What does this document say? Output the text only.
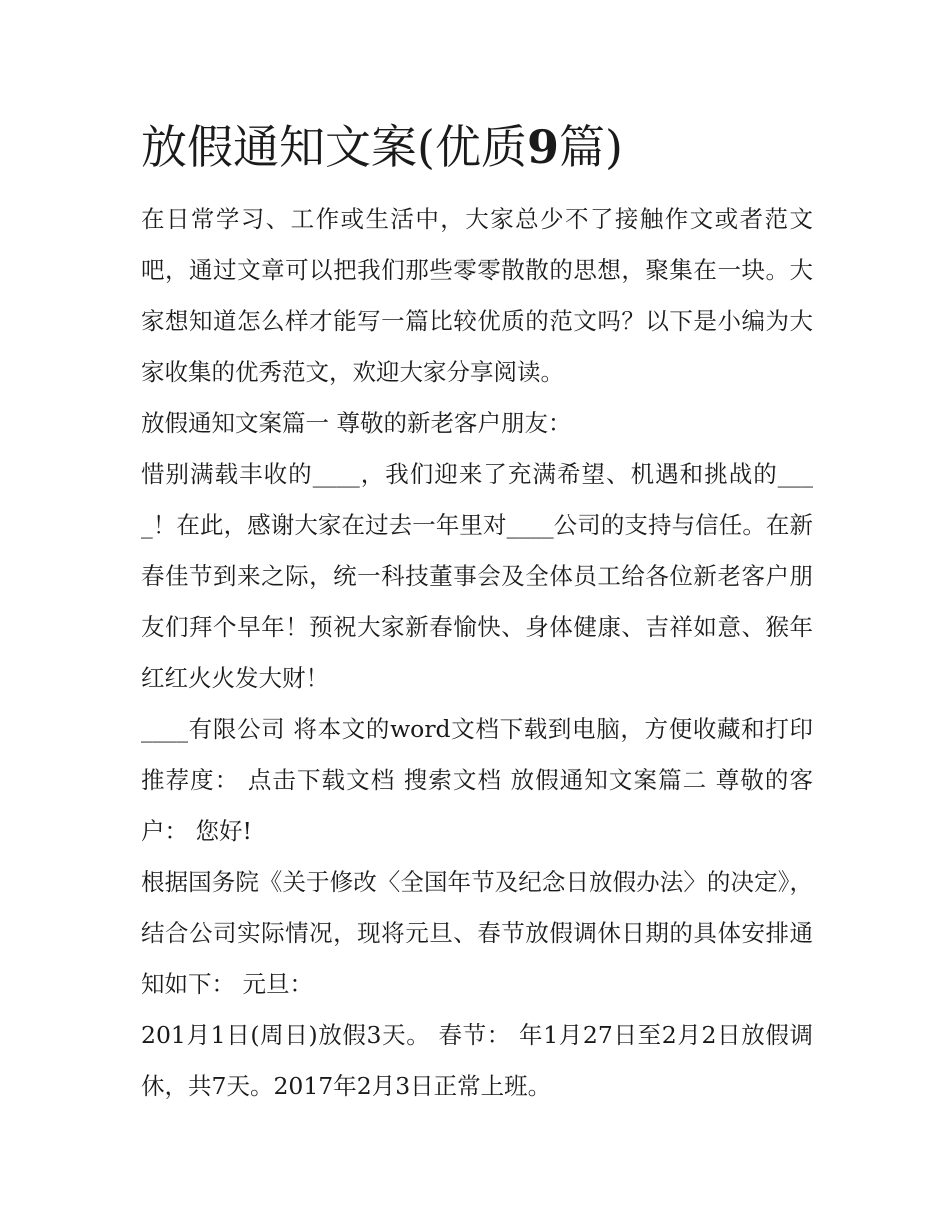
放假通知文案(优质9篇)

在日常学习、工作或生活中，大家总少不了接触作文或者范文吧，通过文章可以把我们那些零零散散的思想，聚集在一块。大家想知道怎么样才能写一篇比较优质的范文吗？以下是小编为大家收集的优秀范文，欢迎大家分享阅读。

放假通知文案篇一 尊敬的新老客户朋友：

惜别满载丰收的____，我们迎来了充满希望、机遇和挑战的____！在此，感谢大家在过去一年里对____公司的支持与信任。在新春佳节到来之际，统一科技董事会及全体员工给各位新老客户朋友们拜个早年！预祝大家新春愉快、身体健康、吉祥如意、猴年红红火火发大财！

____有限公司 将本文的word文档下载到电脑，方便收藏和打印 推荐度： 点击下载文档 搜索文档 放假通知文案篇二 尊敬的客户： 您好!

根据国务院《关于修改〈全国年节及纪念日放假办法〉的决定》，结合公司实际情况，现将元旦、春节放假调休日期的具体安排通知如下： 元旦：

201月1日(周日)放假3天。 春节： 年1月27日至2月2日放假调休，共7天。2017年2月3日正常上班。
